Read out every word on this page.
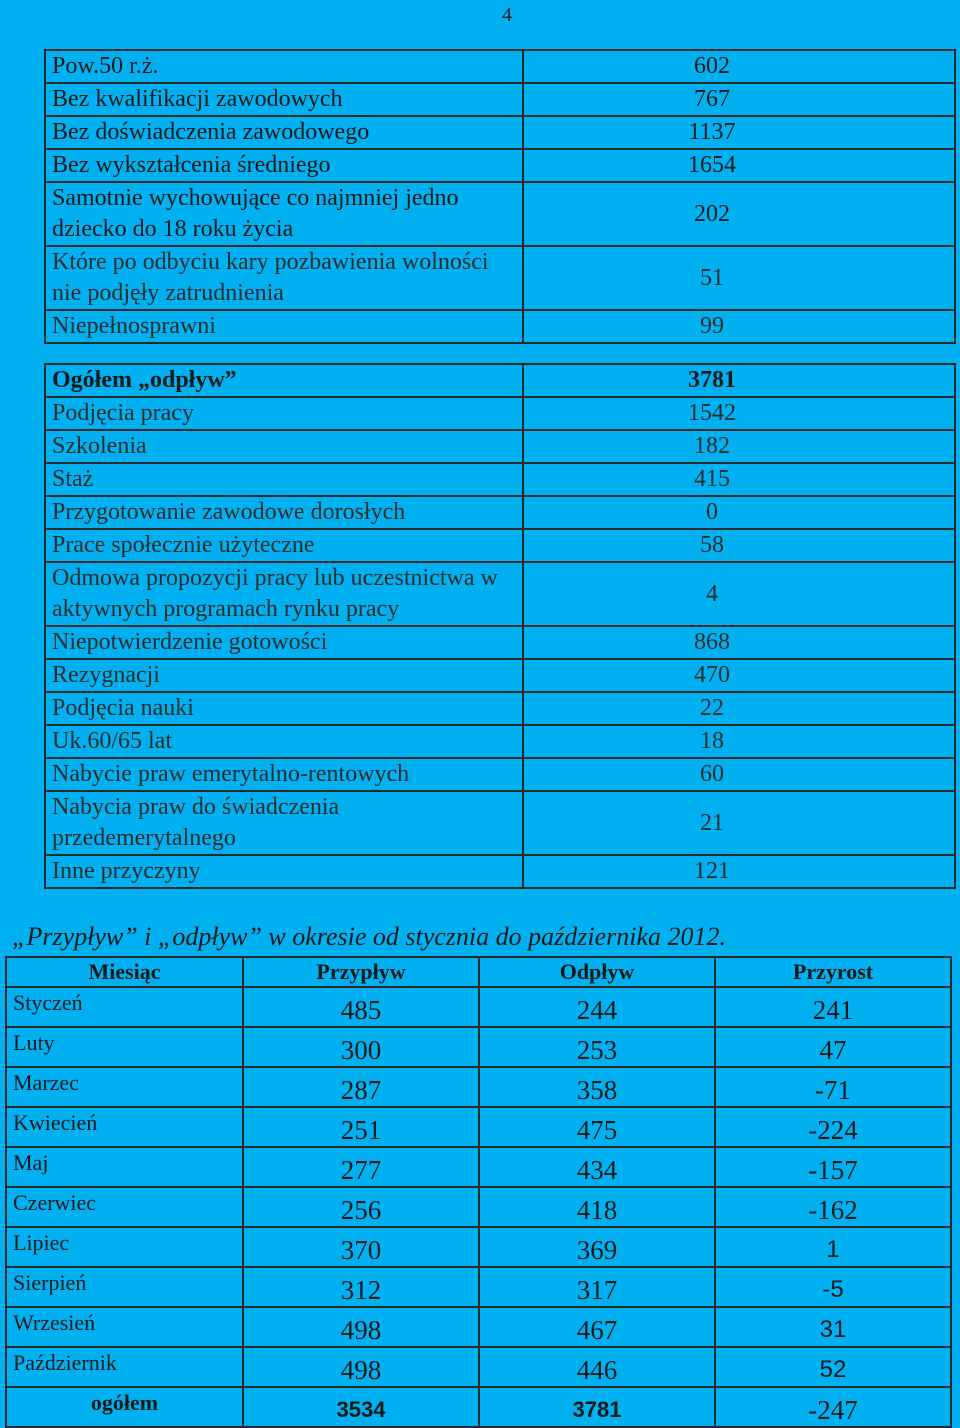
4
Pow.50 r.ż.	602
Bez kwalifikacji zawodowych	767
Bez doświadczenia zawodowego	1137
Bez wykształcenia średniego	1654
Samotnie wychowujące co najmniej jedno dziecko do 18 roku życia	202
Które po odbyciu kary pozbawienia wolności nie podjęły zatrudnienia	51
Niepełnosprawni	99
Ogółem „odpływ”	3781
Podjęcia pracy	1542
Szkolenia	182
Staż	415
Przygotowanie zawodowe dorosłych	0
Prace społecznie użyteczne	58
Odmowa propozycji pracy lub uczestnictwa w aktywnych programach rynku pracy	4
Niepotwierdzenie gotowości	868
Rezygnacji	470
Podjęcia nauki	22
Uk.60/65 lat	18
Nabycie praw emerytalno-rentowych	60
Nabycia praw do świadczenia przedemerytalnego	21
Inne przyczyny	121
„Przypływ” i „odpływ” w okresie od stycznia do października 2012.
Miesiąc	Przypływ	Odpływ	Przyrost
Styczeń	485	244	241
Luty	300	253	47
Marzec	287	358	-71
Kwiecień	251	475	-224
Maj	277	434	-157
Czerwiec	256	418	-162
Lipiec	370	369	1
Sierpień	312	317	-5
Wrzesień	498	467	31
Październik	498	446	52
ogółem	3534	3781	-247
